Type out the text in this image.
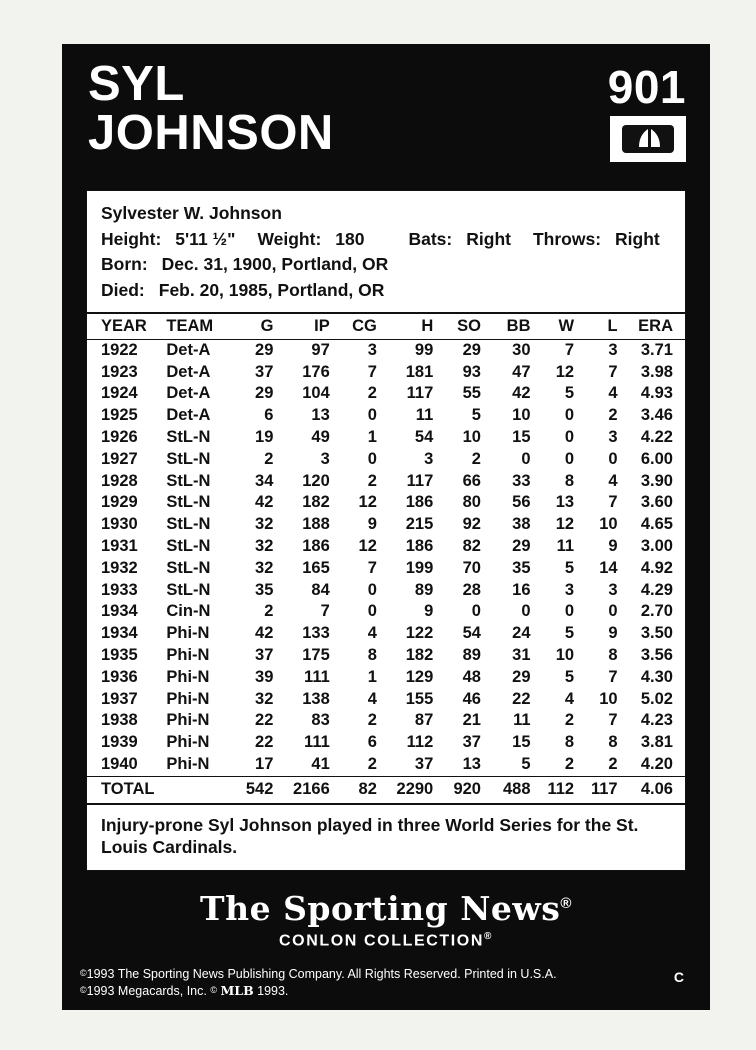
SYL
JOHNSON
901
Sylvester W. Johnson
Height: 5'11 ½" Weight: 180	Bats: Right Throws: Right
Born: Dec. 31, 1900, Portland, OR
Died: Feb. 20, 1985, Portland, OR
YEAR	TEAM	G	IP	CG	H	SO	BB	W	L	ERA
1922	Det-A	29	97	3	99	29	30	7	3	3.71
1923	Det-A	37	176	7	181	93	47	12	7	3.98
1924	Det-A	29	104	2	117	55	42	5	4	4.93
1925	Det-A	6	13	0	11	5	10	0	2	3.46
1926	StL-N	19	49	1	54	10	15	0	3	4.22
1927	StL-N	2	3	0	3	2	0	0	0	6.00
1928	StL-N	34	120	2	117	66	33	8	4	3.90
1929	StL-N	42	182	12	186	80	56	13	7	3.60
1930	StL-N	32	188	9	215	92	38	12	10	4.65
1931	StL-N	32	186	12	186	82	29	11	9	3.00
1932	StL-N	32	165	7	199	70	35	5	14	4.92
1933	StL-N	35	84	0	89	28	16	3	3	4.29
1934	Cin-N	2	7	0	9	0	0	0	0	2.70
1934	Phi-N	42	133	4	122	54	24	5	9	3.50
1935	Phi-N	37	175	8	182	89	31	10	8	3.56
1936	Phi-N	39	111	1	129	48	29	5	7	4.30
1937	Phi-N	32	138	4	155	46	22	4	10	5.02
1938	Phi-N	22	83	2	87	21	11	2	7	4.23
1939	Phi-N	22	111	6	112	37	15	8	8	3.81
1940	Phi-N	17	41	2	37	13	5	2	2	4.20
TOTAL		542	2166	82	2290	920	488	112	117	4.06
Injury-prone Syl Johnson played in three World Series for the St. Louis Cardinals.
The Sporting News®
CONLON COLLECTION®
©1993 The Sporting News Publishing Company. All Rights Reserved. Printed in U.S.A.
©1993 Megacards, Inc. © MLB 1993.
C
